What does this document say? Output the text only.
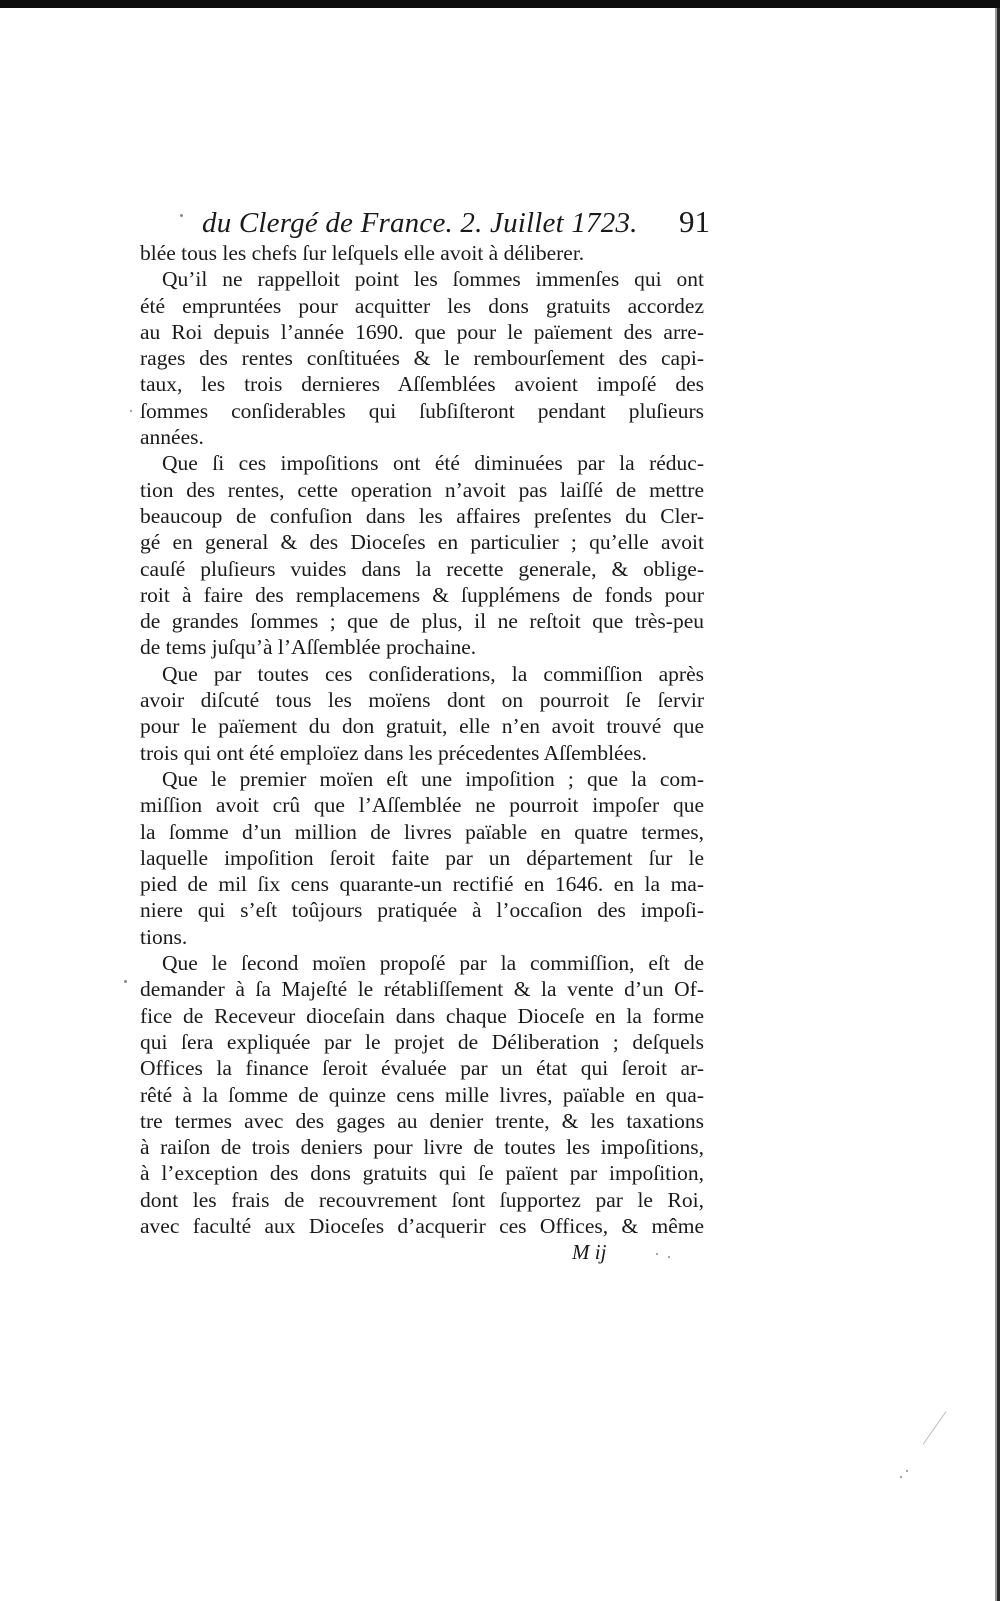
du Clergé de France. 2. Juillet 1723. 91
blée tous les chefs ſur leſquels elle avoit à déliberer.
Qu’il ne rappelloit point les ſommes immenſes qui ont
été empruntées pour acquitter les dons gratuits accordez
au Roi depuis l’année 1690. que pour le païement des arre-
rages des rentes conſtituées & le rembourſement des capi-
taux, les trois dernieres Aſſemblées avoient impoſé des
ſommes conſiderables qui ſubſiſteront pendant pluſieurs
années.
Que ſi ces impoſitions ont été diminuées par la réduc-
tion des rentes, cette operation n’avoit pas laiſſé de mettre
beaucoup de confuſion dans les affaires preſentes du Cler-
gé en general & des Dioceſes en particulier ; qu’elle avoit
cauſé pluſieurs vuides dans la recette generale, & oblige-
roit à faire des remplacemens & ſupplémens de fonds pour
de grandes ſommes ; que de plus, il ne reſtoit que très-peu
de tems juſqu’à l’Aſſemblée prochaine.
Que par toutes ces conſiderations, la commiſſion après
avoir diſcuté tous les moïens dont on pourroit ſe ſervir
pour le païement du don gratuit, elle n’en avoit trouvé que
trois qui ont été emploïez dans les précedentes Aſſemblées.
Que le premier moïen eſt une impoſition ; que la com-
miſſion avoit crû que l’Aſſemblée ne pourroit impoſer que
la ſomme d’un million de livres païable en quatre termes,
laquelle impoſition ſeroit faite par un département ſur le
pied de mil ſix cens quarante-un rectifié en 1646. en la ma-
niere qui s’eſt toûjours pratiquée à l’occaſion des impoſi-
tions.
Que le ſecond moïen propoſé par la commiſſion, eſt de
demander à ſa Majeſté le rétabliſſement & la vente d’un Of-
fice de Receveur dioceſain dans chaque Dioceſe en la forme
qui ſera expliquée par le projet de Déliberation ; deſquels
Offices la finance ſeroit évaluée par un état qui ſeroit ar-
rêté à la ſomme de quinze cens mille livres, païable en qua-
tre termes avec des gages au denier trente, & les taxations
à raiſon de trois deniers pour livre de toutes les impoſitions,
à l’exception des dons gratuits qui ſe païent par impoſition,
dont les frais de recouvrement ſont ſupportez par le Roi,
avec faculté aux Dioceſes d’acquerir ces Offices, & même
M ij
